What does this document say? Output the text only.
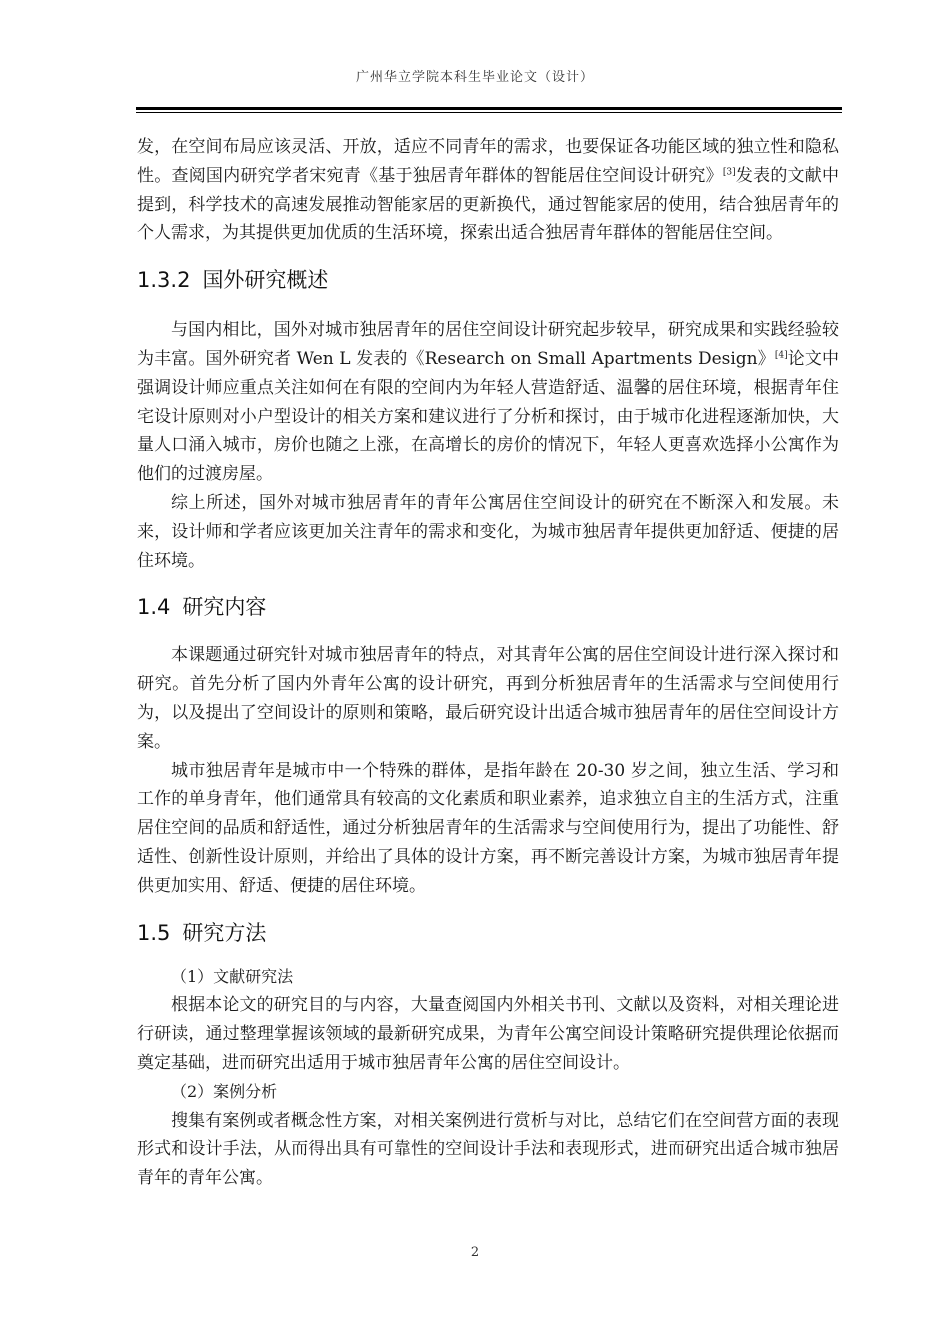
广州华立学院本科生毕业论文（设计）

发，在空间布局应该灵活、开放，适应不同青年的需求，也要保证各功能区域的独立性和隐私性。查阅国内研究学者宋宛青《基于独居青年群体的智能居住空间设计研究》[3]发表的文献中提到，科学技术的高速发展推动智能家居的更新换代，通过智能家居的使用，结合独居青年的个人需求，为其提供更加优质的生活环境，探索出适合独居青年群体的智能居住空间。

1.3.2 国外研究概述

与国内相比，国外对城市独居青年的居住空间设计研究起步较早，研究成果和实践经验较为丰富。国外研究者 Wen L 发表的《Research on Small Apartments Design》[4]论文中强调设计师应重点关注如何在有限的空间内为年轻人营造舒适、温馨的居住环境，根据青年住宅设计原则对小户型设计的相关方案和建议进行了分析和探讨，由于城市化进程逐渐加快，大量人口涌入城市，房价也随之上涨，在高增长的房价的情况下，年轻人更喜欢选择小公寓作为他们的过渡房屋。

综上所述，国外对城市独居青年的青年公寓居住空间设计的研究在不断深入和发展。未来，设计师和学者应该更加关注青年的需求和变化，为城市独居青年提供更加舒适、便捷的居住环境。

1.4 研究内容

本课题通过研究针对城市独居青年的特点，对其青年公寓的居住空间设计进行深入探讨和研究。首先分析了国内外青年公寓的设计研究，再到分析独居青年的生活需求与空间使用行为，以及提出了空间设计的原则和策略，最后研究设计出适合城市独居青年的居住空间设计方案。

城市独居青年是城市中一个特殊的群体，是指年龄在 20-30 岁之间，独立生活、学习和工作的单身青年，他们通常具有较高的文化素质和职业素养，追求独立自主的生活方式，注重居住空间的品质和舒适性，通过分析独居青年的生活需求与空间使用行为，提出了功能性、舒适性、创新性设计原则，并给出了具体的设计方案，再不断完善设计方案，为城市独居青年提供更加实用、舒适、便捷的居住环境。

1.5 研究方法

（1）文献研究法

根据本论文的研究目的与内容，大量查阅国内外相关书刊、文献以及资料，对相关理论进行研读，通过整理掌握该领域的最新研究成果，为青年公寓空间设计策略研究提供理论依据而奠定基础，进而研究出适用于城市独居青年公寓的居住空间设计。

（2）案例分析

搜集有案例或者概念性方案，对相关案例进行赏析与对比，总结它们在空间营方面的表现形式和设计手法，从而得出具有可靠性的空间设计手法和表现形式，进而研究出适合城市独居青年的青年公寓。

2
